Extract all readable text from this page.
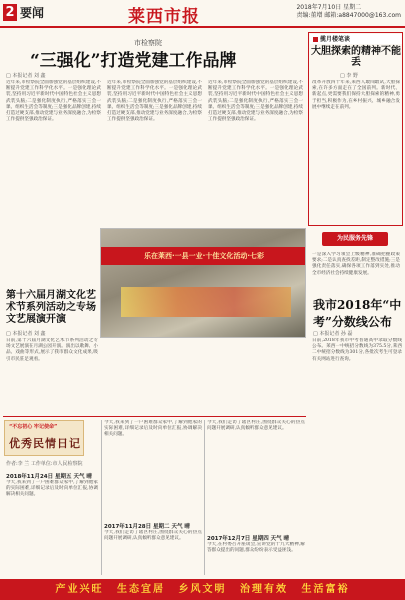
2 要闻	莱西市报	2018年7月10日 星期二
责编:董增 邮箱:a8847000@163.com
市检察院
“三强化”打造党建工作品牌
□ 本报记者 刘 鑫
近年来,市检察院全面加强党的基层组织建设,不断提升党建工作科学化水平。一是强化理论武装,坚持用习近平新时代中国特色社会主义思想武装头脑;二是强化制度执行,严格落实三会一课、组织生活会等制度;三是强化品牌创建,持续打造过硬支部,推动党建与业务深度融合,为检察工作提供坚强政治保证。
近年来,市检察院全面加强党的基层组织建设,不断提升党建工作科学化水平。一是强化理论武装,坚持用习近平新时代中国特色社会主义思想武装头脑;二是强化制度执行,严格落实三会一课、组织生活会等制度;三是强化品牌创建,持续打造过硬支部,推动党建与业务深度融合,为检察工作提供坚强政治保证。
近年来,市检察院全面加强党的基层组织建设,不断提升党建工作科学化水平。一是强化理论武装,坚持用习近平新时代中国特色社会主义思想武装头脑;二是强化制度执行,严格落实三会一课、组织生活会等制度;三是强化品牌创建,持续打造过硬支部,推动党建与业务深度融合,为检察工作提供坚强政治保证。
揽月楼笔谈
大胆探索的精神不能丢
□ 李 野
改革开放四十年来,莱西人敢闯敢试,大胆探索,在许多方面走在了全国前列。新时代、新起点,更需要我们保持大胆探索的精神,勇于担当,积极作为,在乡村振兴、城乡融合发展中继续走在前列。
乐在莱西·一县一业·十佳文化活动·七彩
为民服务先锋
一是深入学习领会上级精神,准确把握政策要求;二是认真查找差距,制定整改措施;三是强化责任落实,确保各项工作落到实处,推动全市经济社会持续健康发展。
第十六届月湖文化艺术节系列活动之专场文艺展演开演
□ 本报记者 刘 鑫
日前,第十六届月湖文化艺术节系列活动之专场文艺展演在月湖公园开演。演出以歌舞、小品、戏曲等形式,展示了我市群众文化成果,吸引市民驻足观看。
我市2018年“中考”分数线公布
□ 本报记者 孙 磊
日前,2018年我市中考普通高中录取分数线公布。莱西一中统招分数线为375.5分,莱西二中统招分数线为301分,各批次考生可登录有关网站进行查询。
“不忘初心 牢记使命”
优秀民情日记
作者:李 兰 工作单位:市人民检察院
2018年11月24日 星期五 天气 晴
今天,我来到了一户困难群众家中,了解到他家的实际困难,详细记录后及时向单位汇报,协调解决相关问题。
今天,我来到了一户困难群众家中,了解到他家的实际困难,详细记录后及时向单位汇报,协调解决相关问题。
2017年11月28日 星期二 天气 晴
今天,我们走访了辖区村庄,围绕群众关心的热点问题开展调研,认真倾听群众意见建议。
今天,我们走访了辖区村庄,围绕群众关心的热点问题开展调研,认真倾听群众意见建议。
2017年12月7日 星期四 天气 晴
今天,在村委召开座谈会,宣讲党的十九大精神,解答群众提出的问题,群众纷纷表示受益匪浅。
产业兴旺 生态宜居 乡风文明 治理有效 生活富裕
